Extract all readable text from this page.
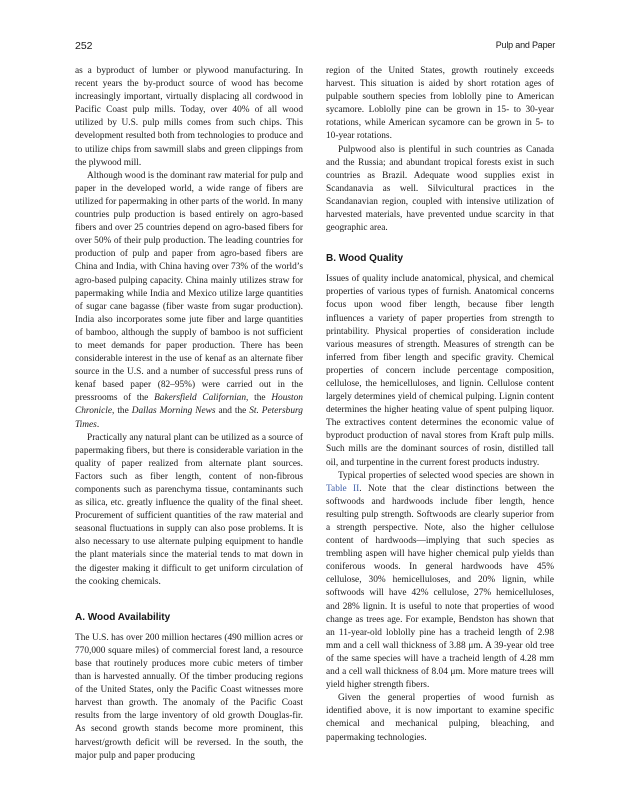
252	Pulp and Paper

as a byproduct of lumber or plywood manufacturing. In recent years the by-product source of wood has become increasingly important, virtually displacing all cordwood in Pacific Coast pulp mills. Today, over 40% of all wood utilized by U.S. pulp mills comes from such chips. This development resulted both from technologies to produce and to utilize chips from sawmill slabs and green clippings from the plywood mill.

Although wood is the dominant raw material for pulp and paper in the developed world, a wide range of fibers are utilized for papermaking in other parts of the world. In many countries pulp production is based entirely on agro-based fibers and over 25 countries depend on agro-based fibers for over 50% of their pulp production. The leading countries for production of pulp and paper from agro-based fibers are China and India, with China having over 73% of the world’s agro-based pulping capacity. China mainly utilizes straw for papermaking while India and Mexico utilize large quantities of sugar cane bagasse (fiber waste from sugar production). India also incorporates some jute fiber and large quantities of bamboo, although the supply of bamboo is not sufficient to meet demands for paper production. There has been considerable interest in the use of kenaf as an alternate fiber source in the U.S. and a number of successful press runs of kenaf based paper (82–95%) were carried out in the pressrooms of the Bakersfield Californian, the Houston Chronicle, the Dallas Morning News and the St. Petersburg Times.

Practically any natural plant can be utilized as a source of papermaking fibers, but there is considerable variation in the quality of paper realized from alternate plant sources. Factors such as fiber length, content of non-fibrous components such as parenchyma tissue, contaminants such as silica, etc. greatly influence the quality of the final sheet. Procurement of sufficient quantities of the raw material and seasonal fluctuations in supply can also pose problems. It is also necessary to use alternate pulping equipment to handle the plant materials since the material tends to mat down in the digester making it difficult to get uniform circulation of the cooking chemicals.

A. Wood Availability

The U.S. has over 200 million hectares (490 million acres or 770,000 square miles) of commercial forest land, a resource base that routinely produces more cubic meters of timber than is harvested annually. Of the timber producing regions of the United States, only the Pacific Coast witnesses more harvest than growth. The anomaly of the Pacific Coast results from the large inventory of old growth Douglas-fir. As second growth stands become more prominent, this harvest/growth deficit will be reversed. In the south, the major pulp and paper producing

region of the United States, growth routinely exceeds harvest. This situation is aided by short rotation ages of pulpable southern species from loblolly pine to American sycamore. Loblolly pine can be grown in 15- to 30-year rotations, while American sycamore can be grown in 5- to 10-year rotations.

Pulpwood also is plentiful in such countries as Canada and the Russia; and abundant tropical forests exist in such countries as Brazil. Adequate wood supplies exist in Scandanavia as well. Silvicultural practices in the Scandanavian region, coupled with intensive utilization of harvested materials, have prevented undue scarcity in that geographic area.

B. Wood Quality

Issues of quality include anatomical, physical, and chemical properties of various types of furnish. Anatomical concerns focus upon wood fiber length, because fiber length influences a variety of paper properties from strength to printability. Physical properties of consideration include various measures of strength. Measures of strength can be inferred from fiber length and specific gravity. Chemical properties of concern include percentage composition, cellulose, the hemicelluloses, and lignin. Cellulose content largely determines yield of chemical pulping. Lignin content determines the higher heating value of spent pulping liquor. The extractives content determines the economic value of byproduct production of naval stores from Kraft pulp mills. Such mills are the dominant sources of rosin, distilled tall oil, and turpentine in the current forest products industry.

Typical properties of selected wood species are shown in Table II. Note that the clear distinctions between the softwoods and hardwoods include fiber length, hence resulting pulp strength. Softwoods are clearly superior from a strength perspective. Note, also the higher cellulose content of hardwoods—implying that such species as trembling aspen will have higher chemical pulp yields than coniferous woods. In general hardwoods have 45% cellulose, 30% hemicelluloses, and 20% lignin, while softwoods will have 42% cellulose, 27% hemicelluloses, and 28% lignin. It is useful to note that properties of wood change as trees age. For example, Bendston has shown that an 11-year-old loblolly pine has a tracheid length of 2.98 mm and a cell wall thickness of 3.88 μm. A 39-year old tree of the same species will have a tracheid length of 4.28 mm and a cell wall thickness of 8.04 μm. More mature trees will yield higher strength fibers.

Given the general properties of wood furnish as identified above, it is now important to examine specific chemical and mechanical pulping, bleaching, and papermaking technologies.
